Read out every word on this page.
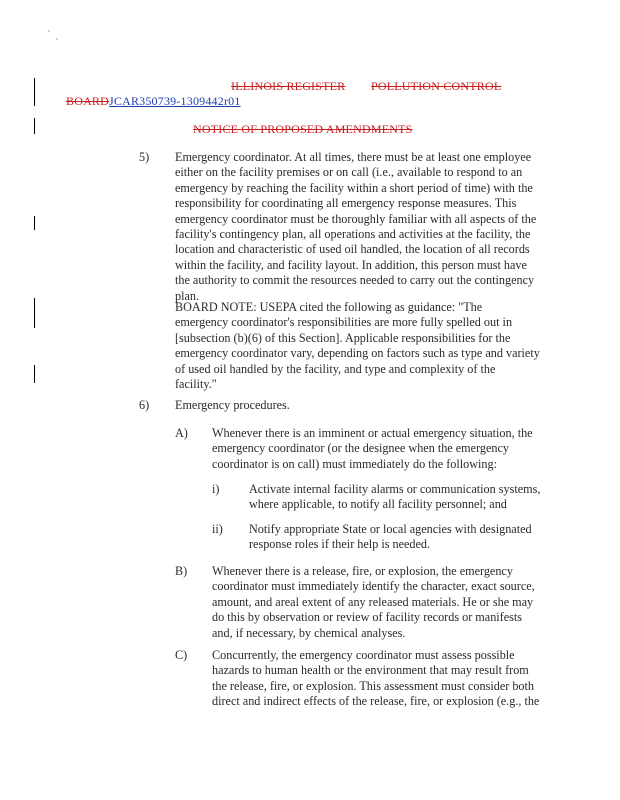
ILLINOIS REGISTER POLLUTION CONTROL
BOARDJCAR350739-1309442r01
NOTICE OF PROPOSED AMENDMENTS
5) Emergency coordinator. At all times, there must be at least one employee
either on the facility premises or on call (i.e., available to respond to an
emergency by reaching the facility within a short period of time) with the
responsibility for coordinating all emergency response measures. This
emergency coordinator must be thoroughly familiar with all aspects of the
facility's contingency plan, all operations and activities at the facility, the
location and characteristic of used oil handled, the location of all records
within the facility, and facility layout. In addition, this person must have
the authority to commit the resources needed to carry out the contingency
plan.
BOARD NOTE: USEPA cited the following as guidance: "The
emergency coordinator's responsibilities are more fully spelled out in
[subsection (b)(6) of this Section]. Applicable responsibilities for the
emergency coordinator vary, depending on factors such as type and variety
of used oil handled by the facility, and type and complexity of the
facility."
6) Emergency procedures.
A) Whenever there is an imminent or actual emergency situation, the
emergency coordinator (or the designee when the emergency
coordinator is on call) must immediately do the following:
i) Activate internal facility alarms or communication systems,
where applicable, to notify all facility personnel; and
ii) Notify appropriate State or local agencies with designated
response roles if their help is needed.
B) Whenever there is a release, fire, or explosion, the emergency
coordinator must immediately identify the character, exact source,
amount, and areal extent of any released materials. He or she may
do this by observation or review of facility records or manifests
and, if necessary, by chemical analyses.
C) Concurrently, the emergency coordinator must assess possible
hazards to human health or the environment that may result from
the release, fire, or explosion. This assessment must consider both
direct and indirect effects of the release, fire, or explosion (e.g., the
